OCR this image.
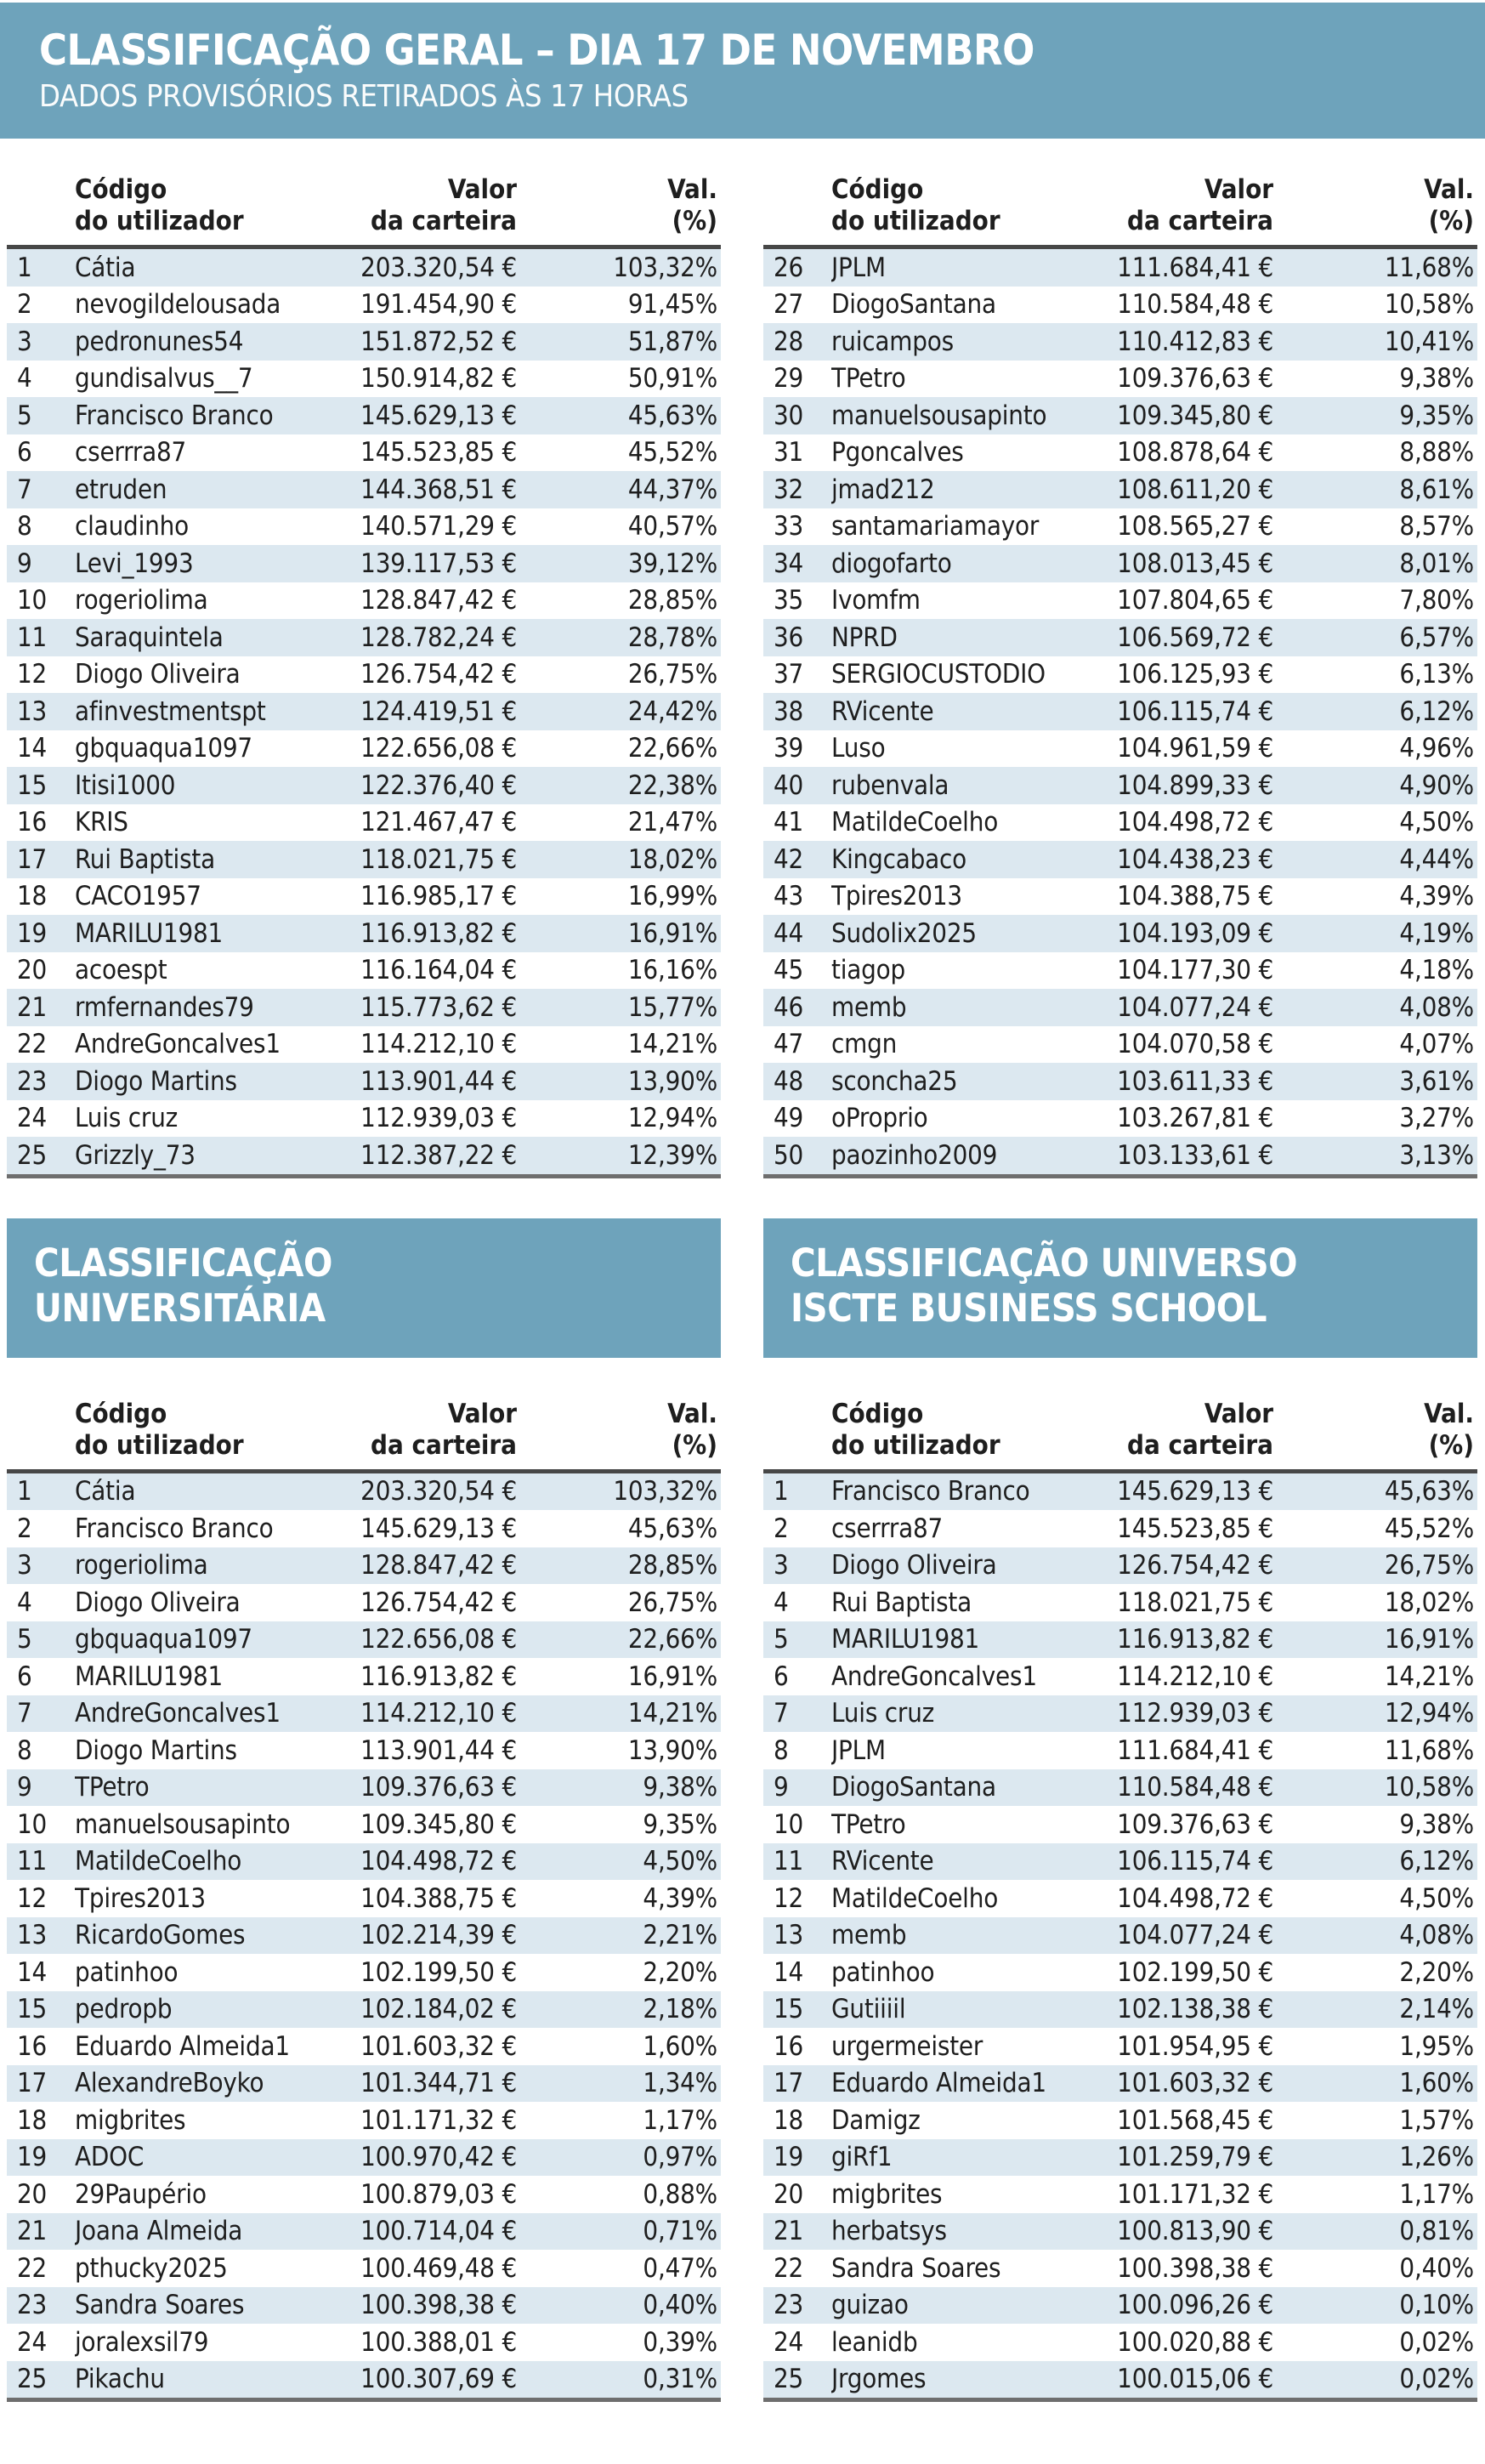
CLASSIFICAÇÃO GERAL – DIA 17 DE NOVEMBRO
DADOS PROVISÓRIOS RETIRADOS ÀS 17 HORAS
Código
do utilizador
Valor
da carteira
Val.
(%)
1	Cátia	203.320,54 €	103,32%
2	nevogildelousada	191.454,90 €	91,45%
3	pedronunes54	151.872,52 €	51,87%
4	gundisalvus__7	150.914,82 €	50,91%
5	Francisco Branco	145.629,13 €	45,63%
6	cserrra87	145.523,85 €	45,52%
7	etruden	144.368,51 €	44,37%
8	claudinho	140.571,29 €	40,57%
9	Levi_1993	139.117,53 €	39,12%
10	rogeriolima	128.847,42 €	28,85%
11	Saraquintela	128.782,24 €	28,78%
12	Diogo Oliveira	126.754,42 €	26,75%
13	afinvestmentspt	124.419,51 €	24,42%
14	gbquaqua1097	122.656,08 €	22,66%
15	Itisi1000	122.376,40 €	22,38%
16	KRIS	121.467,47 €	21,47%
17	Rui Baptista	118.021,75 €	18,02%
18	CACO1957	116.985,17 €	16,99%
19	MARILU1981	116.913,82 €	16,91%
20	acoespt	116.164,04 €	16,16%
21	rmfernandes79	115.773,62 €	15,77%
22	AndreGoncalves1	114.212,10 €	14,21%
23	Diogo Martins	113.901,44 €	13,90%
24	Luis cruz	112.939,03 €	12,94%
25	Grizzly_73	112.387,22 €	12,39%
Código
do utilizador
Valor
da carteira
Val.
(%)
26	JPLM	111.684,41 €	11,68%
27	DiogoSantana	110.584,48 €	10,58%
28	ruicampos	110.412,83 €	10,41%
29	TPetro	109.376,63 €	9,38%
30	manuelsousapinto	109.345,80 €	9,35%
31	Pgoncalves	108.878,64 €	8,88%
32	jmad212	108.611,20 €	8,61%
33	santamariamayor	108.565,27 €	8,57%
34	diogofarto	108.013,45 €	8,01%
35	Ivomfm	107.804,65 €	7,80%
36	NPRD	106.569,72 €	6,57%
37	SERGIOCUSTODIO	106.125,93 €	6,13%
38	RVicente	106.115,74 €	6,12%
39	Luso	104.961,59 €	4,96%
40	rubenvala	104.899,33 €	4,90%
41	MatildeCoelho	104.498,72 €	4,50%
42	Kingcabaco	104.438,23 €	4,44%
43	Tpires2013	104.388,75 €	4,39%
44	Sudolix2025	104.193,09 €	4,19%
45	tiagop	104.177,30 €	4,18%
46	memb	104.077,24 €	4,08%
47	cmgn	104.070,58 €	4,07%
48	sconcha25	103.611,33 €	3,61%
49	oProprio	103.267,81 €	3,27%
50	paozinho2009	103.133,61 €	3,13%
CLASSIFICAÇÃO
UNIVERSITÁRIA
CLASSIFICAÇÃO UNIVERSO
ISCTE BUSINESS SCHOOL
Código
do utilizador
Valor
da carteira
Val.
(%)
1	Cátia	203.320,54 €	103,32%
2	Francisco Branco	145.629,13 €	45,63%
3	rogeriolima	128.847,42 €	28,85%
4	Diogo Oliveira	126.754,42 €	26,75%
5	gbquaqua1097	122.656,08 €	22,66%
6	MARILU1981	116.913,82 €	16,91%
7	AndreGoncalves1	114.212,10 €	14,21%
8	Diogo Martins	113.901,44 €	13,90%
9	TPetro	109.376,63 €	9,38%
10	manuelsousapinto	109.345,80 €	9,35%
11	MatildeCoelho	104.498,72 €	4,50%
12	Tpires2013	104.388,75 €	4,39%
13	RicardoGomes	102.214,39 €	2,21%
14	patinhoo	102.199,50 €	2,20%
15	pedropb	102.184,02 €	2,18%
16	Eduardo Almeida1	101.603,32 €	1,60%
17	AlexandreBoyko	101.344,71 €	1,34%
18	migbrites	101.171,32 €	1,17%
19	ADOC	100.970,42 €	0,97%
20	29Paupério	100.879,03 €	0,88%
21	Joana Almeida	100.714,04 €	0,71%
22	pthucky2025	100.469,48 €	0,47%
23	Sandra Soares	100.398,38 €	0,40%
24	joralexsil79	100.388,01 €	0,39%
25	Pikachu	100.307,69 €	0,31%
Código
do utilizador
Valor
da carteira
Val.
(%)
1	Francisco Branco	145.629,13 €	45,63%
2	cserrra87	145.523,85 €	45,52%
3	Diogo Oliveira	126.754,42 €	26,75%
4	Rui Baptista	118.021,75 €	18,02%
5	MARILU1981	116.913,82 €	16,91%
6	AndreGoncalves1	114.212,10 €	14,21%
7	Luis cruz	112.939,03 €	12,94%
8	JPLM	111.684,41 €	11,68%
9	DiogoSantana	110.584,48 €	10,58%
10	TPetro	109.376,63 €	9,38%
11	RVicente	106.115,74 €	6,12%
12	MatildeCoelho	104.498,72 €	4,50%
13	memb	104.077,24 €	4,08%
14	patinhoo	102.199,50 €	2,20%
15	Gutiiiil	102.138,38 €	2,14%
16	urgermeister	101.954,95 €	1,95%
17	Eduardo Almeida1	101.603,32 €	1,60%
18	Damigz	101.568,45 €	1,57%
19	giRf1	101.259,79 €	1,26%
20	migbrites	101.171,32 €	1,17%
21	herbatsys	100.813,90 €	0,81%
22	Sandra Soares	100.398,38 €	0,40%
23	guizao	100.096,26 €	0,10%
24	leanidb	100.020,88 €	0,02%
25	Jrgomes	100.015,06 €	0,02%
